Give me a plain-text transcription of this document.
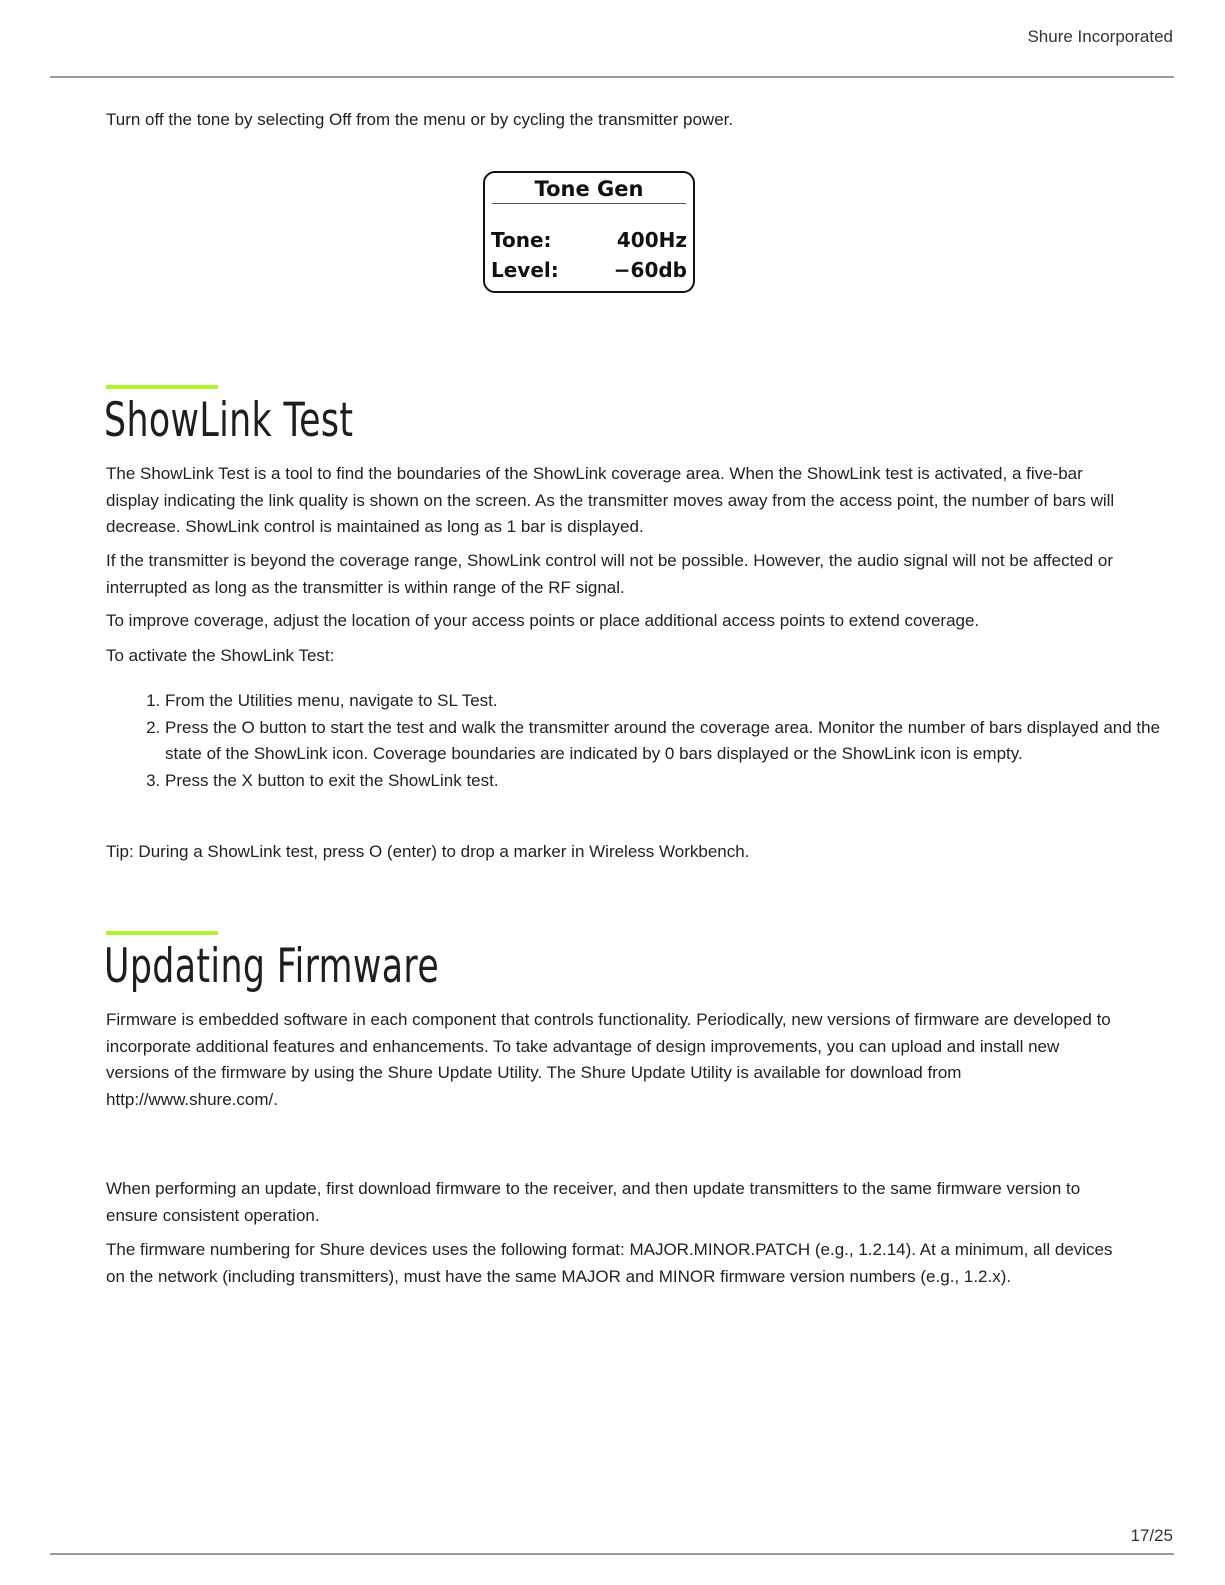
Shure Incorporated

Turn off the tone by selecting Off from the menu or by cycling the transmitter power.

Tone Gen
Tone:	400Hz
Level:	−60db
ShowLink Test

The ShowLink Test is a tool to find the boundaries of the ShowLink coverage area. When the ShowLink test is activated, a five-bar display indicating the link quality is shown on the screen. As the transmitter moves away from the access point, the number of bars will decrease. ShowLink control is maintained as long as 1 bar is displayed.

If the transmitter is beyond the coverage range, ShowLink control will not be possible. However, the audio signal will not be affected or interrupted as long as the transmitter is within range of the RF signal.

To improve coverage, adjust the location of your access points or place additional access points to extend coverage.

To activate the ShowLink Test:

1. From the Utilities menu, navigate to SL Test.
2. Press the O button to start the test and walk the transmitter around the coverage area. Monitor the number of bars displayed and the state of the ShowLink icon. Coverage boundaries are indicated by 0 bars displayed or the ShowLink icon is empty.
3. Press the X button to exit the ShowLink test.

Tip: During a ShowLink test, press O (enter) to drop a marker in Wireless Workbench.

Updating Firmware

Firmware is embedded software in each component that controls functionality. Periodically, new versions of firmware are developed to incorporate additional features and enhancements. To take advantage of design improvements, you can upload and install new versions of the firmware by using the Shure Update Utility. The Shure Update Utility is available for download from http://www.shure.com/.

When performing an update, first download firmware to the receiver, and then update transmitters to the same firmware version to ensure consistent operation.

The firmware numbering for Shure devices uses the following format: MAJOR.MINOR.PATCH (e.g., 1.2.14). At a minimum, all devices on the network (including transmitters), must have the same MAJOR and MINOR firmware version numbers (e.g., 1.2.x).

17/25
